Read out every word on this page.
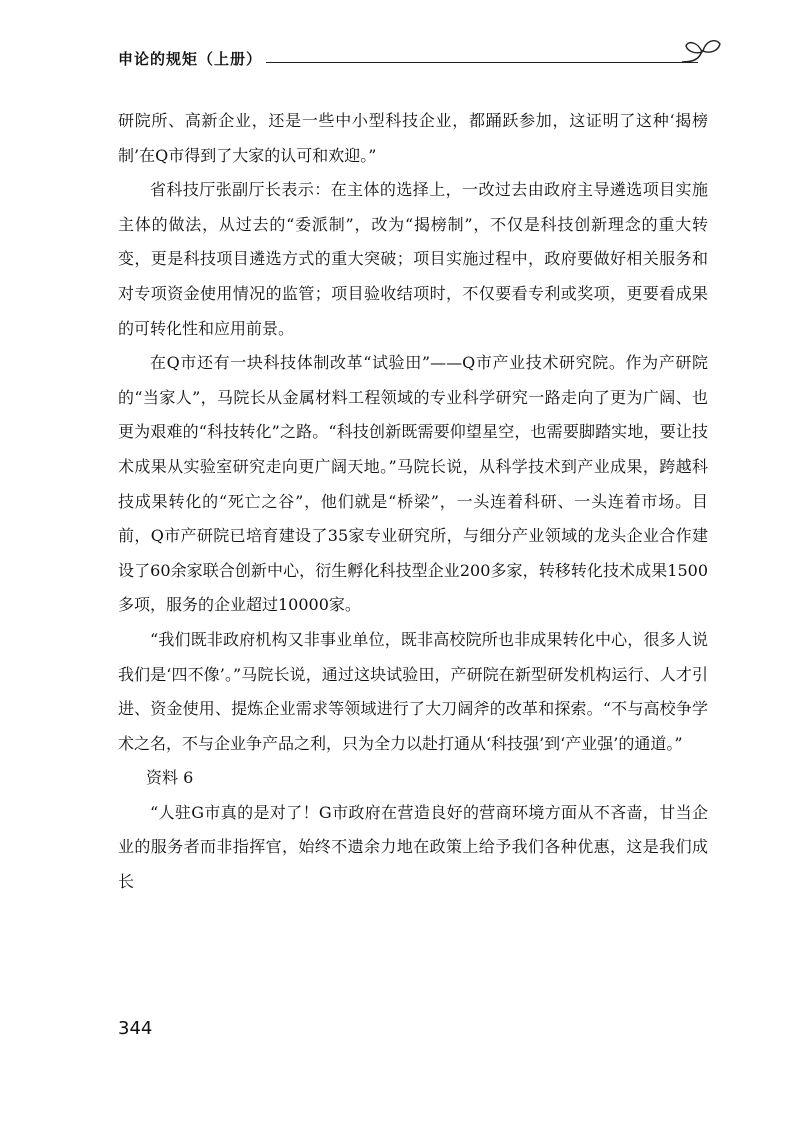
申论的规矩（上册）

研院所、高新企业，还是一些中小型科技企业，都踊跃参加，这证明了这种‘揭榜制’在Q市得到了大家的认可和欢迎。”

省科技厅张副厅长表示：在主体的选择上，一改过去由政府主导遴选项目实施主体的做法，从过去的“委派制”，改为“揭榜制”，不仅是科技创新理念的重大转变，更是科技项目遴选方式的重大突破；项目实施过程中，政府要做好相关服务和对专项资金使用情况的监管；项目验收结项时，不仅要看专利或奖项，更要看成果的可转化性和应用前景。

在Q市还有一块科技体制改革“试验田”——Q市产业技术研究院。作为产研院的“当家人”，马院长从金属材料工程领域的专业科学研究一路走向了更为广阔、也更为艰难的“科技转化”之路。“科技创新既需要仰望星空，也需要脚踏实地，要让技术成果从实验室研究走向更广阔天地。”马院长说，从科学技术到产业成果，跨越科技成果转化的“死亡之谷”，他们就是“桥梁”，一头连着科研、一头连着市场。目前，Q市产研院已培育建设了35家专业研究所，与细分产业领域的龙头企业合作建设了60余家联合创新中心，衍生孵化科技型企业200多家，转移转化技术成果1500多项，服务的企业超过10000家。

“我们既非政府机构又非事业单位，既非高校院所也非成果转化中心，很多人说我们是‘四不像’。”马院长说，通过这块试验田，产研院在新型研发机构运行、人才引进、资金使用、提炼企业需求等领域进行了大刀阔斧的改革和探索。“不与高校争学术之名，不与企业争产品之利，只为全力以赴打通从‘科技强’到‘产业强’的通道。”

资料 6

“人驻G市真的是对了！G市政府在营造良好的营商环境方面从不吝啬，甘当企业的服务者而非指挥官，始终不遗余力地在政策上给予我们各种优惠，这是我们成长

344
